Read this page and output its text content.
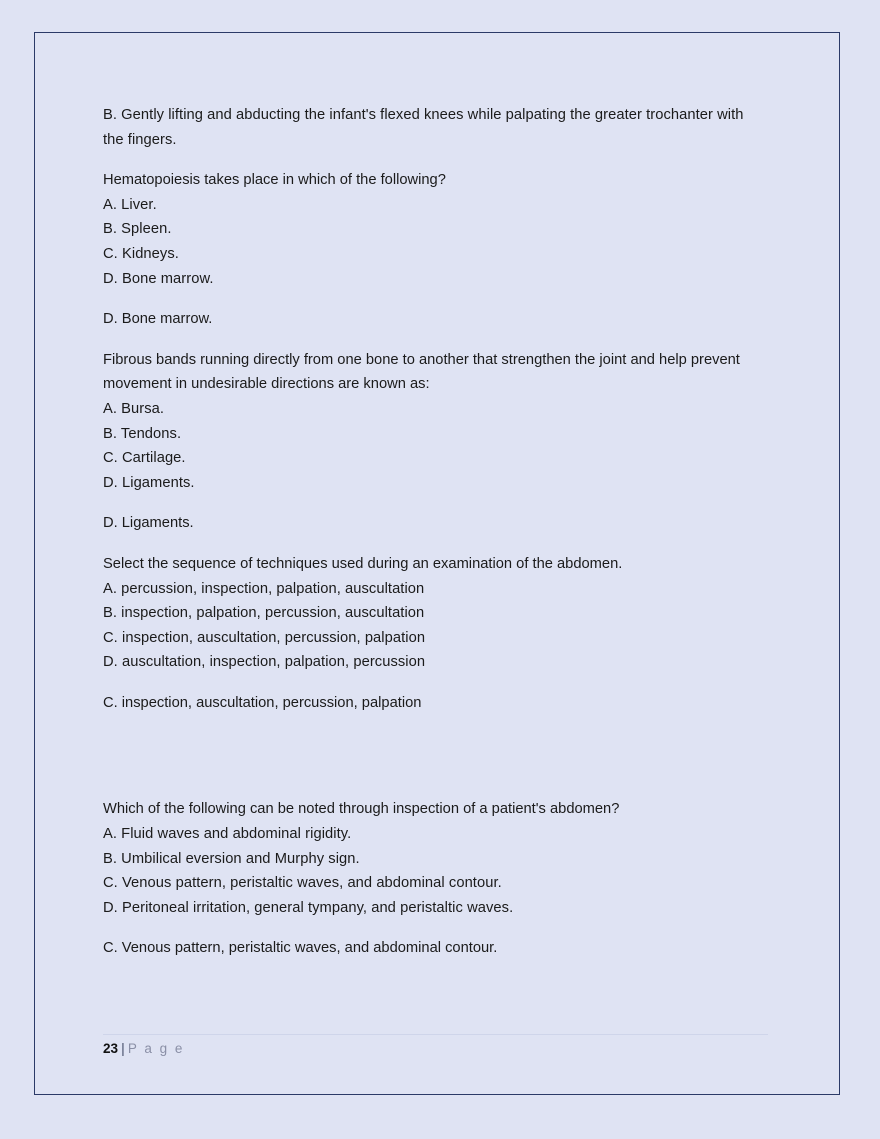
B. Gently lifting and abducting the infant's flexed knees while palpating the greater trochanter with the fingers.

Hematopoiesis takes place in which of the following?

A. Liver.

B. Spleen.

C. Kidneys.

D. Bone marrow.

D. Bone marrow.

Fibrous bands running directly from one bone to another that strengthen the joint and help prevent movement in undesirable directions are known as:

A. Bursa.

B. Tendons.

C. Cartilage.

D. Ligaments.

D. Ligaments.

Select the sequence of techniques used during an examination of the abdomen.

A. percussion, inspection, palpation, auscultation

B. inspection, palpation, percussion, auscultation

C. inspection, auscultation, percussion, palpation

D. auscultation, inspection, palpation, percussion

C. inspection, auscultation, percussion, palpation

Which of the following can be noted through inspection of a patient's abdomen?

A. Fluid waves and abdominal rigidity.

B. Umbilical eversion and Murphy sign.

C. Venous pattern, peristaltic waves, and abdominal contour.

D. Peritoneal irritation, general tympany, and peristaltic waves.

C. Venous pattern, peristaltic waves, and abdominal contour.

23 | P a g e
